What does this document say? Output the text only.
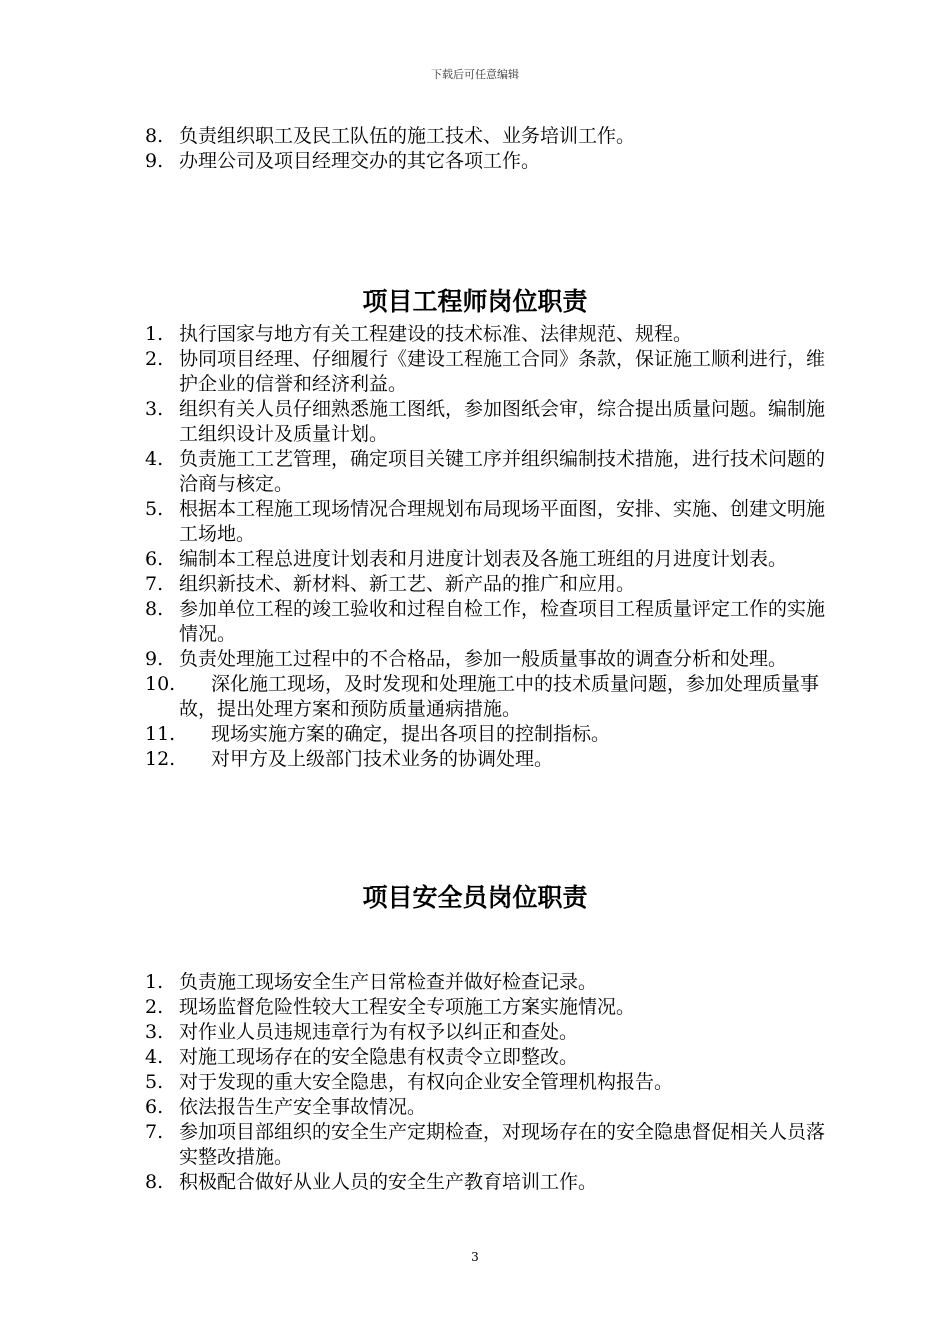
下载后可任意编辑
8. 负责组织职工及民工队伍的施工技术、业务培训工作。
9. 办理公司及项目经理交办的其它各项工作。
项目工程师岗位职责
1. 执行国家与地方有关工程建设的技术标准、法律规范、规程。
2. 协同项目经理、仔细履行《建设工程施工合同》条款，保证施工顺利进行，维护企业的信誉和经济利益。
3. 组织有关人员仔细熟悉施工图纸，参加图纸会审，综合提出质量问题。编制施工组织设计及质量计划。
4. 负责施工工艺管理，确定项目关键工序并组织编制技术措施，进行技术问题的洽商与核定。
5. 根据本工程施工现场情况合理规划布局现场平面图，安排、实施、创建文明施工场地。
6. 编制本工程总进度计划表和月进度计划表及各施工班组的月进度计划表。
7. 组织新技术、新材料、新工艺、新产品的推广和应用。
8. 参加单位工程的竣工验收和过程自检工作，检查项目工程质量评定工作的实施情况。
9. 负责处理施工过程中的不合格品，参加一般质量事故的调查分析和处理。
10. 深化施工现场，及时发现和处理施工中的技术质量问题，参加处理质量事故，提出处理方案和预防质量通病措施。
11. 现场实施方案的确定，提出各项目的控制指标。
12. 对甲方及上级部门技术业务的协调处理。
项目安全员岗位职责
1. 负责施工现场安全生产日常检查并做好检查记录。
2. 现场监督危险性较大工程安全专项施工方案实施情况。
3. 对作业人员违规违章行为有权予以纠正和查处。
4. 对施工现场存在的安全隐患有权责令立即整改。
5. 对于发现的重大安全隐患，有权向企业安全管理机构报告。
6. 依法报告生产安全事故情况。
7. 参加项目部组织的安全生产定期检查，对现场存在的安全隐患督促相关人员落实整改措施。
8. 积极配合做好从业人员的安全生产教育培训工作。
3
